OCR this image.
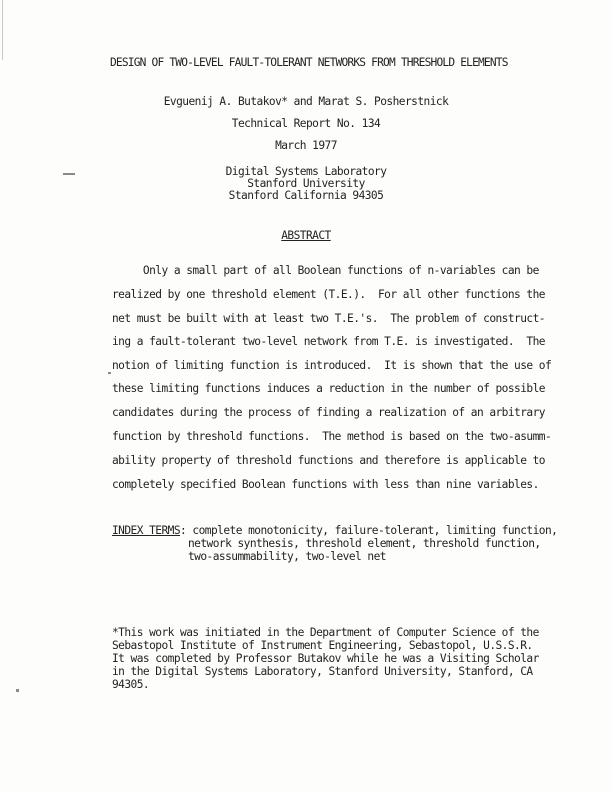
DESIGN OF TWO-LEVEL FAULT-TOLERANT NETWORKS FROM THRESHOLD ELEMENTS
Evguenij A. Butakov* and Marat S. Posherstnick
Technical Report No. 134
March 1977
Digital Systems Laboratory
Stanford University
Stanford California 94305
ABSTRACT
Only a small part of all Boolean functions of n-variables can be
realized by one threshold element (T.E.).  For all other functions the
net must be built with at least two T.E.'s.  The problem of construct-
ing a fault-tolerant two-level network from T.E. is investigated.  The
notion of limiting function is introduced.  It is shown that the use of
these limiting functions induces a reduction in the number of possible
candidates during the process of finding a realization of an arbitrary
function by threshold functions.  The method is based on the two-asumm-
ability property of threshold functions and therefore is applicable to
completely specified Boolean functions with less than nine variables.
INDEX TERMS: complete monotonicity, failure-tolerant, limiting function,
network synthesis, threshold element, threshold function,
two-assummability, two-level net
*This work was initiated in the Department of Computer Science of the
Sebastopol Institute of Instrument Engineering, Sebastopol, U.S.S.R.
It was completed by Professor Butakov while he was a Visiting Scholar
in the Digital Systems Laboratory, Stanford University, Stanford, CA
94305.
